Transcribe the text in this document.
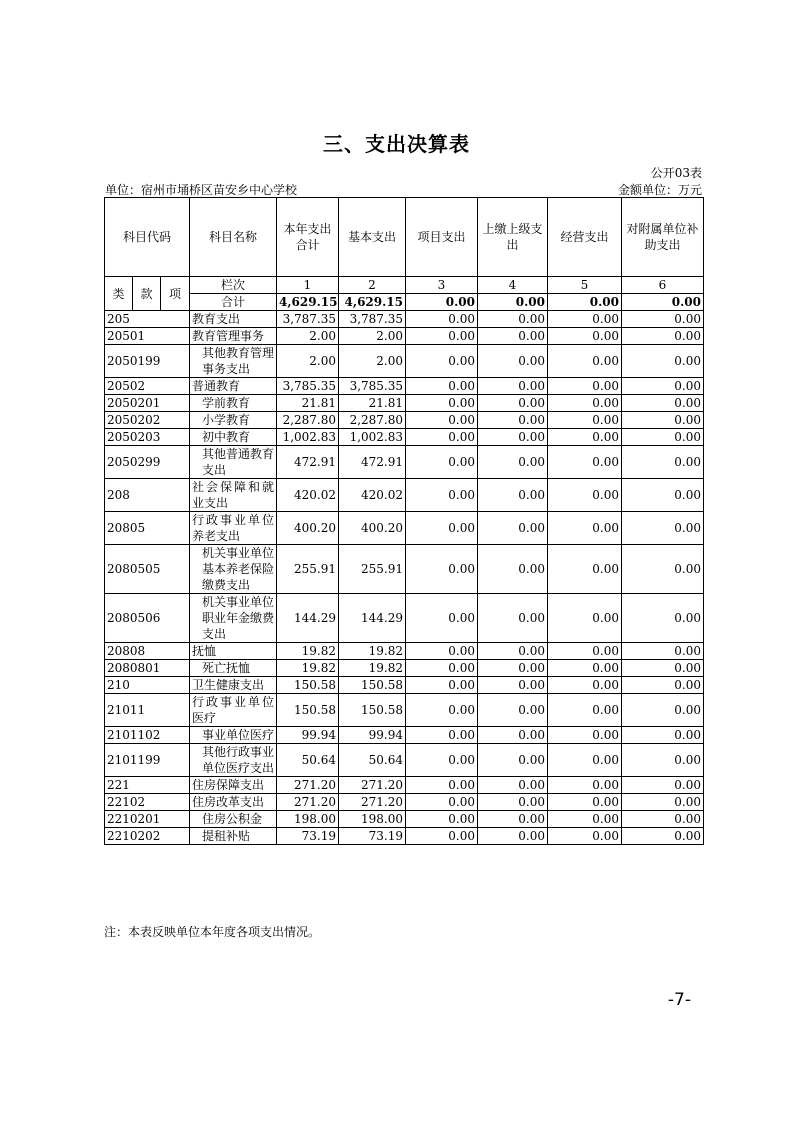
三、支出决算表
公开03表
单位：宿州市埇桥区苗安乡中心学校	金额单位：万元
科目代码			科目名称	本年支出合计	基本支出	项目支出	上缴上级支出	经营支出	对附属单位补助支出
类	款	项	栏次	1	2	3	4	5	6
			合计	4,629.15	4,629.15	0.00	0.00	0.00	0.00
205			教育支出	3,787.35	3,787.35	0.00	0.00	0.00	0.00
20501			教育管理事务	2.00	2.00	0.00	0.00	0.00	0.00
2050199			其他教育管理事务支出	2.00	2.00	0.00	0.00	0.00	0.00
20502			普通教育	3,785.35	3,785.35	0.00	0.00	0.00	0.00
2050201			学前教育	21.81	21.81	0.00	0.00	0.00	0.00
2050202			小学教育	2,287.80	2,287.80	0.00	0.00	0.00	0.00
2050203			初中教育	1,002.83	1,002.83	0.00	0.00	0.00	0.00
2050299			其他普通教育支出	472.91	472.91	0.00	0.00	0.00	0.00
208			社会保障和就业支出	420.02	420.02	0.00	0.00	0.00	0.00
20805			行政事业单位养老支出	400.20	400.20	0.00	0.00	0.00	0.00
2080505			机关事业单位基本养老保险缴费支出	255.91	255.91	0.00	0.00	0.00	0.00
2080506			机关事业单位职业年金缴费支出	144.29	144.29	0.00	0.00	0.00	0.00
20808			抚恤	19.82	19.82	0.00	0.00	0.00	0.00
2080801			死亡抚恤	19.82	19.82	0.00	0.00	0.00	0.00
210			卫生健康支出	150.58	150.58	0.00	0.00	0.00	0.00
21011			行政事业单位医疗	150.58	150.58	0.00	0.00	0.00	0.00
2101102			事业单位医疗	99.94	99.94	0.00	0.00	0.00	0.00
2101199			其他行政事业单位医疗支出	50.64	50.64	0.00	0.00	0.00	0.00
221			住房保障支出	271.20	271.20	0.00	0.00	0.00	0.00
22102			住房改革支出	271.20	271.20	0.00	0.00	0.00	0.00
2210201			住房公积金	198.00	198.00	0.00	0.00	0.00	0.00
2210202			提租补贴	73.19	73.19	0.00	0.00	0.00	0.00
注：本表反映单位本年度各项支出情况。
-7-
